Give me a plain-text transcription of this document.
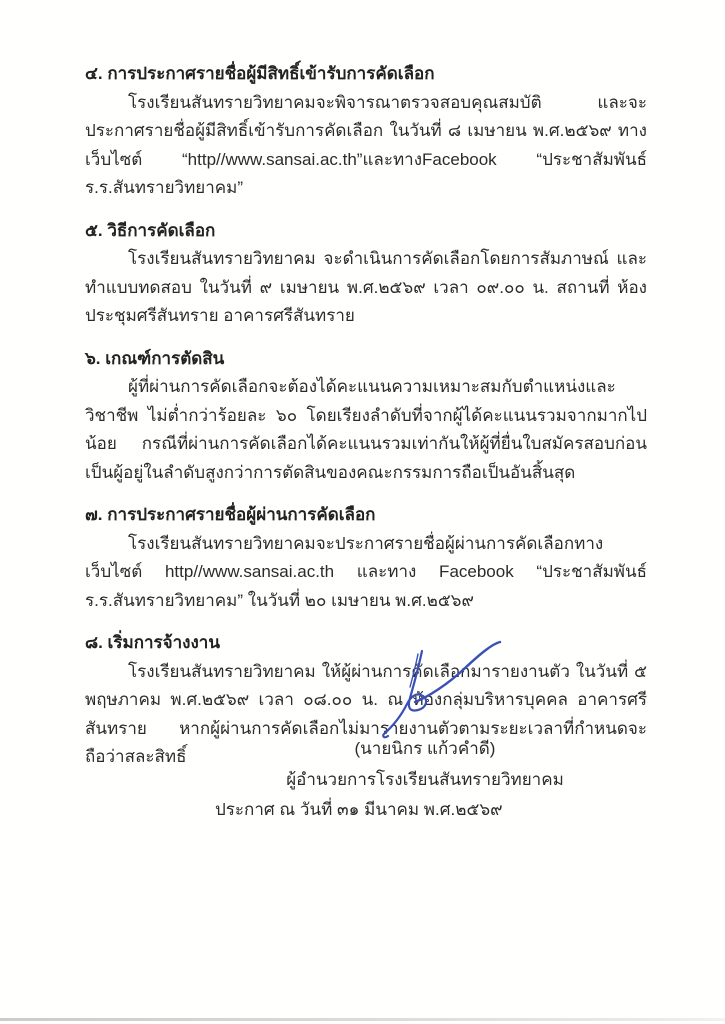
๔. การประกาศรายชื่อผู้มีสิทธิ์เข้ารับการคัดเลือก

โรงเรียนสันทรายวิทยาคมจะพิจารณาตรวจสอบคุณสมบัติ และจะประกาศรายชื่อผู้มีสิทธิ์เข้ารับการคัดเลือก ในวันที่ ๘ เมษายน พ.ศ.๒๕๖๙ ทางเว็บไซต์ “http//www.sansai.ac.th”และทางFacebook “ประชาสัมพันธ์ร.ร.สันทรายวิทยาคม”

๕. วิธีการคัดเลือก

โรงเรียนสันทรายวิทยาคม จะดำเนินการคัดเลือกโดยการสัมภาษณ์ และทำแบบทดสอบ ในวันที่ ๙ เมษายน พ.ศ.๒๕๖๙ เวลา ๐๙.๐๐ น. สถานที่ ห้องประชุมศรีสันทราย อาคารศรีสันทราย

๖. เกณฑ์การตัดสิน

ผู้ที่ผ่านการคัดเลือกจะต้องได้คะแนนความเหมาะสมกับตำแหน่งและวิชาชีพ ไม่ต่ำกว่าร้อยละ ๖๐ โดยเรียงลำดับที่จากผู้ได้คะแนนรวมจากมากไปน้อย กรณีที่ผ่านการคัดเลือกได้คะแนนรวมเท่ากันให้ผู้ที่ยื่นใบสมัครสอบก่อนเป็นผู้อยู่ในลำดับสูงกว่าการตัดสินของคณะกรรมการถือเป็นอันสิ้นสุด

๗. การประกาศรายชื่อผู้ผ่านการคัดเลือก

โรงเรียนสันทรายวิทยาคมจะประกาศรายชื่อผู้ผ่านการคัดเลือกทางเว็บไซต์ http//www.sansai.ac.th และทาง Facebook “ประชาสัมพันธ์ร.ร.สันทรายวิทยาคม” ในวันที่ ๒๐ เมษายน พ.ศ.๒๕๖๙

๘. เริ่มการจ้างงาน

โรงเรียนสันทรายวิทยาคม ให้ผู้ผ่านการคัดเลือกมารายงานตัว ในวันที่ ๕ พฤษภาคม พ.ศ.๒๕๖๙ เวลา ๐๘.๐๐ น. ณ ห้องกลุ่มบริหารบุคคล อาคารศรีสันทราย หากผู้ผ่านการคัดเลือกไม่มารายงานตัวตามระยะเวลาที่กำหนดจะถือว่าสละสิทธิ์

ประกาศ ณ วันที่ ๓๑ มีนาคม พ.ศ.๒๕๖๙

(นายนิกร แก้วคำดี)
ผู้อำนวยการโรงเรียนสันทรายวิทยาคม
